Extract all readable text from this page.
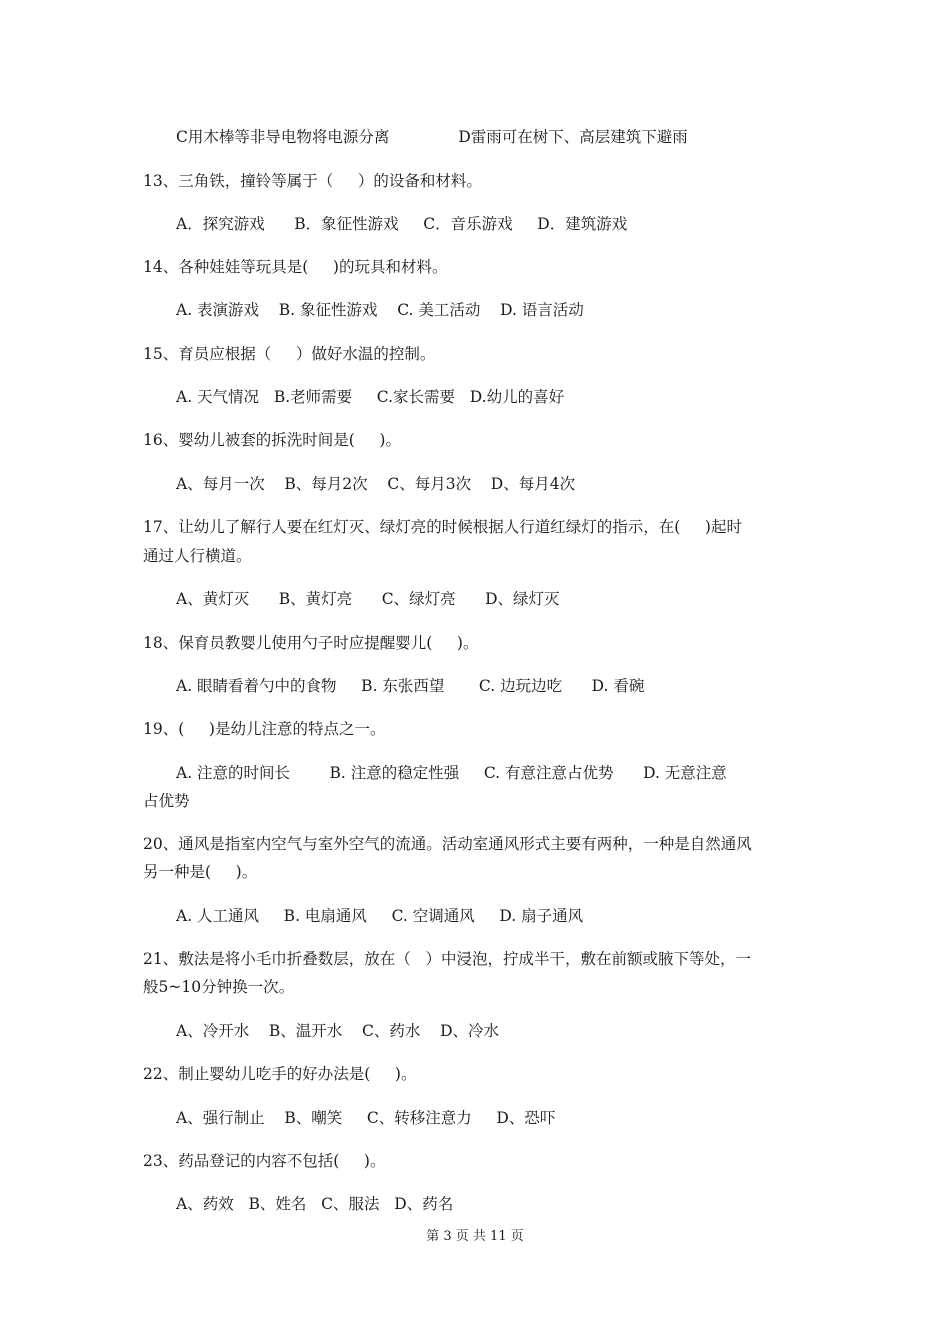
C用木棒等非导电物将电源分离              D雷雨可在树下、高层建筑下避雨
13、三角铁，撞铃等属于（     ）的设备和材料。
A．探究游戏      B．象征性游戏     C．音乐游戏     D．建筑游戏
14、各种娃娃等玩具是(     )的玩具和材料。
A. 表演游戏    B. 象征性游戏    C. 美工活动    D. 语言活动
15、育员应根据（     ）做好水温的控制。
A. 天气情况   B.老师需要     C.家长需要   D.幼儿的喜好
16、婴幼儿被套的拆洗时间是(     )。
A、每月一次    B、每月2次    C、每月3次    D、每月4次
17、让幼儿了解行人要在红灯灭、绿灯亮的时候根据人行道红绿灯的指示，在(     )起时
通过人行横道。
A、黄灯灭      B、黄灯亮      C、绿灯亮      D、绿灯灭
18、保育员教婴儿使用勺子时应提醒婴儿(     )。
A. 眼睛看着勺中的食物     B. 东张西望       C. 边玩边吃      D. 看碗
19、(     )是幼儿注意的特点之一。
A. 注意的时间长        B. 注意的稳定性强     C. 有意注意占优势      D. 无意注意
占优势
20、通风是指室内空气与室外空气的流通。活动室通风形式主要有两种，一种是自然通风
另一种是(     )。
A. 人工通风     B. 电扇通风     C. 空调通风     D. 扇子通风
21、敷法是将小毛巾折叠数层，放在（   ）中浸泡，拧成半干，敷在前额或腋下等处，一
般5~10分钟换一次。
A、冷开水    B、温开水    C、药水    D、冷水
22、制止婴幼儿吃手的好办法是(     )。
A、强行制止    B、嘲笑     C、转移注意力     D、恐吓
23、药品登记的内容不包括(     )。
A、药效   B、姓名   C、服法   D、药名
第 3 页 共 11 页
